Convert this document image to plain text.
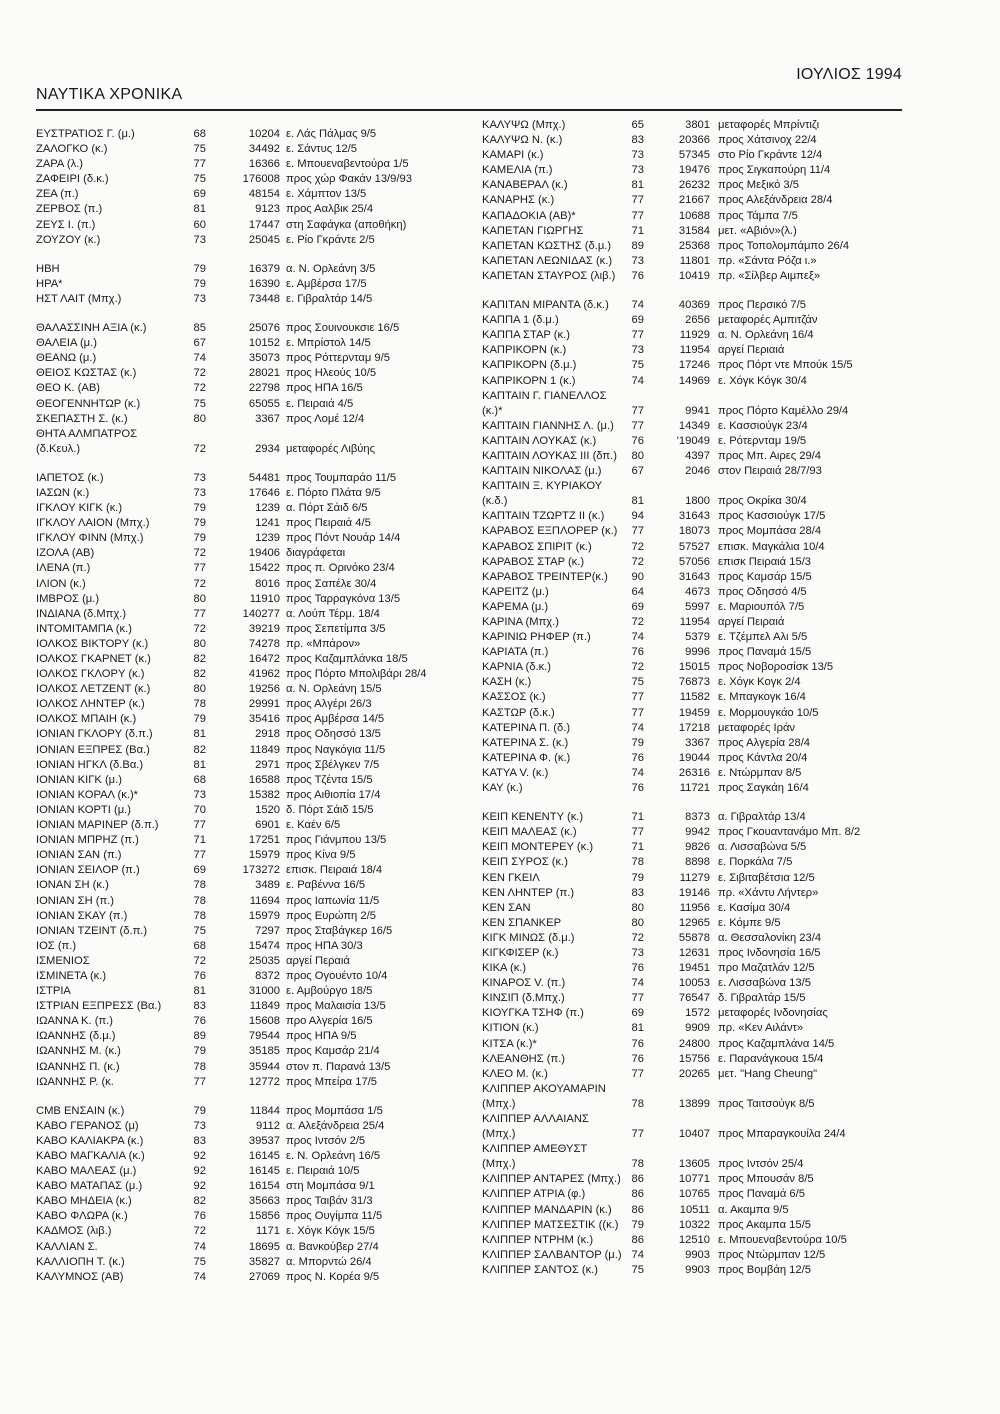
ΝΑΥΤΙΚΑ ΧΡΟΝΙΚΑ
ΙΟΥΛΙΟΣ 1994
ΕΥΣΤΡΑΤΙΟΣ Γ. (μ.)	68	10204 ε. Λάς Πάλμας 9/5
ΖΑΛΟΓΚΟ (κ.)	75	34492 ε. Σάντυς 12/5
ΖΑΡΑ (λ.)	77	16366 ε. Μπουεναβεντούρα 1/5
ΖΑΦΕΙΡΙ (δ.κ.)	75	176008 προς χώρ Φακάν 13/9/93
ΖΕΑ (π.)	69	48154 ε. Χάμπτον 13/5
ΖΕΡΒΟΣ (π.)	81	9123 προς Ααλβικ 25/4
ΖΕΥΣ Ι. (π.)	60	17447 στη Σαφάγκα (αποθήκη)
ΖΟΥΖΟΥ (κ.)	73	25045 ε. Ρίο Γκράντε 2/5
ΗΒΗ	79	16379 α. Ν. Ορλεάνη 3/5
ΗΡΑ*	79	16390 ε. Αμβέρσα 17/5
ΗΣΤ ΛΑΙΤ (Μπχ.)	73	73448 ε. Γιβραλτάρ 14/5
ΘΑΛΑΣΣΙΝΗ ΑΞΙΑ (κ.)	85	25076 προς Σουινουκσιε 16/5
ΘΑΛΕΙΑ (μ.)	67	10152 ε. Μπρίστολ 14/5
ΘΕΑΝΩ (μ.)	74	35073 προς Ρόττερνταμ 9/5
ΘΕΙΟΣ ΚΩΣΤΑΣ (κ.)	72	28021 προς Ηλεούς 10/5
ΘΕΟ Κ. (ΑΒ)	72	22798 προς ΗΠΑ 16/5
ΘΕΟΓΕΝΝΗΤΩΡ (κ.)	75	65055 ε. Πειραιά 4/5
ΣΚΕΠΑΣΤΗ Σ. (κ.)	80	3367 προς Λομέ 12/4
ΘΗΤΑ ΑΛΜΠΑΤΡΟΣ (δ.Κευλ.)	72	2934 μεταφορές Λιβύης
ΙΑΠΕΤΟΣ (κ.)	73	54481 προς Τουμπαράο 11/5
ΙΑΣΩΝ (κ.)	73	17646 ε. Πόρτο Πλάτα 9/5
ΙΓΚΛΟΥ ΚΙΓΚ (κ.)	79	1239 α. Πόρτ Σάιδ 6/5
ΙΓΚΛΟΥ ΛΑΙΟΝ (Μπχ.)	79	1241 προς Πειραιά 4/5
ΙΓΚΛΟΥ ΦΙΝΝ (Μπχ.)	79	1239 προς Πόντ Νουάρ 14/4
ΙΖΟΛΑ (ΑΒ)	72	19406 διαγράφεται
ΙΛΕΝΑ (π.)	77	15422 προς π. Ορινόκο 23/4
ΙΛΙΟΝ (κ.)	72	8016 προς Σαπέλε 30/4
ΙΜΒΡΟΣ (μ.)	80	11910 προς Ταρραγκόνα 13/5
ΙΝΔΙΑΝΑ (δ.Μπχ.)	77	140277 α. Λούπ Τέρμ. 18/4
ΙΝΤΟΜΙΤΑΜΠΑ (κ.)	72	39219 προς Σεπετίμπα 3/5
ΙΟΛΚΟΣ ΒΙΚΤΟΡΥ (κ.)	80	74278 πρ. «Μπάρον»
ΙΟΛΚΟΣ ΓΚΑΡΝΕΤ (κ.)	82	16472 προς Καζαμπλάνκα 18/5
ΙΟΛΚΟΣ ΓΚΛΟΡΥ (κ.)	82	41962 προς Πόρτο Μπολιβάρι 28/4
ΙΟΛΚΟΣ ΛΕΤΖΕΝΤ (κ.)	80	19256 α. Ν. Ορλεάνη 15/5
ΙΟΛΚΟΣ ΛΗΝΤΕΡ (κ.)	78	29991 προς Αλγέρι 26/3
ΙΟΛΚΟΣ ΜΠΑΙΗ (κ.)	79	35416 προς Αμβέρσα 14/5
ΙΟΝΙΑΝ ΓΚΛΟΡΥ (δ.π.)	81	2918 προς Οδησσό 13/5
ΙΟΝΙΑΝ ΕΞΠΡΕΣ (Βα.)	82	11849 προς Ναγκόγια 11/5
ΙΟΝΙΑΝ ΗΓΚΛ (δ.Βα.)	81	2971 προς Σβέλγκεν 7/5
ΙΟΝΙΑΝ ΚΙΓΚ (μ.)	68	16588 προς Τζέντα 15/5
ΙΟΝΙΑΝ ΚΟΡΑΛ (κ.)*	73	15382 προς Αιθιοπία 17/4
ΙΟΝΙΑΝ ΚΟΡΤΙ (μ.)	70	1520 δ. Πόρτ Σάιδ 15/5
ΙΟΝΙΑΝ ΜΑΡΙΝΕΡ (δ.π.)	77	6901 ε. Καέν 6/5
ΙΟΝΙΑΝ ΜΠΡΗΖ (π.)	71	17251 προς Γιάνμπου 13/5
ΙΟΝΙΑΝ ΣΑΝ (π.)	77	15979 προς Κίνα 9/5
ΙΟΝΙΑΝ ΣΕΙΛΟΡ (π.)	69	173272 επισκ. Πειραιά 18/4
ΙΟΝΑΝ ΣΗ (κ.)	78	3489 ε. Ραβέννα 16/5
ΙΟΝΙΑΝ ΣΗ (π.)	78	11694 προς Ιαπωνία 11/5
ΙΟΝΙΑΝ ΣΚΑΥ (π.)	78	15979 προς Ευρώπη 2/5
ΙΟΝΙΑΝ ΤΖΕΙΝΤ (δ.π.)	75	7297 προς Σταβάγκερ 16/5
ΙΟΣ (π.)	68	15474 προς ΗΠΑ 30/3
ΙΣΜΕΝΙΟΣ	72	25035 αργεί Περαιά
ΙΣΜΙΝΕΤΑ (κ.)	76	8372 προς Ογουέντο 10/4
ΙΣΤΡΙΑ	81	31000 ε. Αμβούργο 18/5
ΙΣΤΡΙΑΝ ΕΞΠΡΕΣΣ (Βα.)	83	11849 προς Μαλαισία 13/5
ΙΩΑΝΝΑ Κ. (π.)	76	15608 προ Αλγερία 16/5
ΙΩΑΝΝΗΣ (δ.μ.)	89	79544 προς ΗΠΑ 9/5
ΙΩΑΝΝΗΣ Μ. (κ.)	79	35185 προς Καμσάρ 21/4
ΙΩΑΝΝΗΣ Π. (κ.)	78	35944 στον π. Παρανά 13/5
ΙΩΑΝΝΗΣ Ρ. (κ.	77	12772 προς Μπείρα 17/5
CMB ΕΝΣΑΙΝ (κ.)	79	11844 προς Μομπάσα 1/5
ΚΑΒΟ ΓΕΡΑΝΟΣ (μ)	73	9112 α. Αλεξάνδρεια 25/4
ΚΑΒΟ ΚΑΛΙΑΚΡΑ (κ.)	83	39537 προς Ιντσόν 2/5
ΚΑΒΟ ΜΑΓΚΑΛΙΑ (κ.)	92	16145 ε. Ν. Ορλεάνη 16/5
ΚΑΒΟ ΜΑΛΕΑΣ (μ.)	92	16145 ε. Πειραιά 10/5
ΚΑΒΟ ΜΑΤΑΠΑΣ (μ.)	92	16154 στη Μομπάσα 9/1
ΚΑΒΟ ΜΗΔΕΙΑ (κ.)	82	35663 προς Ταιβάν 31/3
ΚΑΒΟ ΦΛΩΡΑ (κ.)	76	15856 προς Ουγίμπα 11/5
ΚΑΔΜΟΣ (λιβ.)	72	1171 ε. Χόγκ Κόγκ 15/5
ΚΑΛΛΙΑΝ Σ.	74	18695 α. Βανκούβερ 27/4
ΚΑΛΛΙΟΠΗ Τ. (κ.)	75	35827 α. Μπορντώ 26/4
ΚΑΛΥΜΝΟΣ (ΑΒ)	74	27069 προς Ν. Κορέα 9/5
ΚΑΛΥΨΩ (Μπχ.)	65	3801 μεταφορές Μπρίντιζι
ΚΑΛΥΨΩ Ν. (κ.)	83	20366 προς Χάτσινοχ 22/4
ΚΑΜΑΡΙ (κ.)	73	57345 στο Ρίο Γκράντε 12/4
ΚΑΜΕΛΙΑ (π.)	73	19476 προς Σιγκαπούρη 11/4
ΚΑΝΑΒΕΡΑΛ (κ.)	81	26232 προς Μεξικό 3/5
ΚΑΝΑΡΗΣ (κ.)	77	21667 προς Αλεξάνδρεια 28/4
ΚΑΠΑΔΟΚΙΑ (ΑΒ)*	77	10688 προς Τάμπα 7/5
ΚΑΠΕΤΑΝ ΓΙΩΡΓΗΣ	71	31584 μετ. «Αβιόν»(λ.)
ΚΑΠΕΤΑΝ ΚΩΣΤΗΣ (δ.μ.)	89	25368 προς Τοπολομπάμπο 26/4
ΚΑΠΕΤΑΝ ΛΕΩΝΙΔΑΣ (κ.)	73	11801 πρ. «Σάντα Ρόζα ι.»
ΚΑΠΕΤΑΝ ΣΤΑΥΡΟΣ (λιβ.)	76	10419 πρ. «Σίλβερ Αιμπεξ»
ΚΑΠΙΤΑΝ ΜΙΡΑΝΤΑ (δ.κ.)	74	40369 προς Περσικό 7/5
ΚΑΠΠΑ 1 (δ.μ.)	69	2656 μεταφορές Αμπιτζάν
ΚΑΠΠΑ ΣΤΑΡ (κ.)	77	11929 α. Ν. Ορλεάνη 16/4
ΚΑΠΡΙΚΟΡΝ (κ.)	73	11954 αργεί Περιαιά
ΚΑΠΡΙΚΟΡΝ (δ.μ.)	75	17246 προς Πόρτ ντε Μπούκ 15/5
ΚΑΠΡΙΚΟΡΝ 1 (κ.)	74	14969 ε. Χόγκ Κόγκ 30/4
ΚΑΠΤΑΙΝ Γ. ΓΙΑΝΕΛΛΟΣ (κ.)*	77	9941 προς Πόρτο Καμέλλο 29/4
ΚΑΠΤΑΙΝ ΓΙΑΝΝΗΣ Λ. (μ.)	77	14349 ε. Κασσιούγκ 23/4
ΚΑΠΤΑΙΝ ΛΟΥΚΑΣ (κ.)	76	'19049 ε. Ρότερνταμ 19/5
ΚΑΠΤΑΙΝ ΛΟΥΚΑΣ ΙΙΙ (δπ.)	80	4397 προς Μπ. Αιρες 29/4
ΚΑΠΤΑΙΝ ΝΙΚΟΛΑΣ (μ.)	67	2046 στον Πειραιά 28/7/93
ΚΑΠΤΑΙΝ Ξ. ΚΥΡΙΑΚΟΥ (κ.δ.)	81	1800 προς Οκρίκα 30/4
ΚΑΠΤΑΙΝ ΤΖΩΡΤΖ ΙΙ (κ.)	94	31643 προς Κασσιούγκ 17/5
ΚΑΡΑΒΟΣ ΕΞΠΛΟΡΕΡ (κ.)	77	18073 προς Μομπάσα 28/4
ΚΑΡΑΒΟΣ ΣΠΙΡΙΤ (κ.)	72	57527 επισκ. Μαγκάλια 10/4
ΚΑΡΑΒΟΣ ΣΤΑΡ (κ.)	72	57056 επισκ Πειραιά 15/3
ΚΑΡΑΒΟΣ ΤΡΕΙΝΤΕΡ(κ.)	90	31643 προς Καμσάρ 15/5
ΚΑΡΕΙΤΖ (μ.)	64	4673 προς Οδησσό 4/5
ΚΑΡΕΜΑ (μ.)	69	5997 ε. Μαριουπόλ 7/5
ΚΑΡΙΝΑ (Μπχ.)	72	11954 αργεί Πειραιά
ΚΑΡΙΝΙΩ ΡΗΦΕΡ (π.)	74	5379 ε. Τζέμπελ Αλι 5/5
ΚΑΡΙΑΤΑ (π.)	76	9996 προς Παναμά 15/5
ΚΑΡΝΙΑ (δ.κ.)	72	15015 προς Νοβοροσίσκ 13/5
ΚΑΣΗ (κ.)	75	76873 ε. Χόγκ Κογκ 2/4
ΚΑΣΣΟΣ (κ.)	77	11582 ε. Μπαγκογκ 16/4
ΚΑΣΤΩΡ (δ.κ.)	77	19459 ε. Μορμουγκάο 10/5
ΚΑΤΕΡΙΝΑ Π. (δ.)	74	17218 μεταφορές Ιράν
ΚΑΤΕΡΙΝΑ Σ. (κ.)	79	3367 προς Αλγερία 28/4
ΚΑΤΕΡΙΝΑ Φ. (κ.)	76	19044 προς Κάντλα 20/4
ΚΑΤΥΑ V. (κ.)	74	26316 ε. Ντώρμπαν 8/5
ΚΑΥ (κ.)	76	11721 προς Σαγκάη 16/4
ΚΕΙΠ ΚΕΝΕΝΤΥ (κ.)	71	8373 α. Γιβραλτάρ 13/4
ΚΕΙΠ ΜΑΛΕΑΣ (κ.)	77	9942 προς Γκουαντανάμο Μπ. 8/2
ΚΕΙΠ ΜΟΝΤΕΡΕΥ (κ.)	71	9826 α. Λισσαβώνα 5/5
ΚΕΙΠ ΣΥΡΟΣ (κ.)	78	8898 ε. Πορκάλα 7/5
ΚΕΝ ΓΚΕΙΛ	79	11279 ε. Σιβιταβέτσια 12/5
ΚΕΝ ΛΗΝΤΕΡ (π.)	83	19146 πρ. «Χάντυ Λήντερ»
ΚΕΝ ΣΑΝ	80	11956 ε. Κασίμα 30/4
ΚΕΝ ΣΠΑΝΚΕΡ	80	12965 ε. Κόμπε 9/5
ΚΙΓΚ ΜΙΝΩΣ (δ.μ.)	72	55878 α. Θεσσαλονίκη 23/4
ΚΙΓΚΦΙΣΕΡ (κ.)	73	12631 προς Ινδονησία 16/5
ΚΙΚΑ (κ.)	76	19451 προ Μαζατλάν 12/5
ΚΙΝΑΡΟΣ V. (π.)	74	10053 ε. Λισσαβώνα 13/5
ΚΙΝΣΙΠ (δ.Μπχ.)	77	76547 δ. Γιβραλτάρ 15/5
ΚΙΟΥΓΚΑ ΤΣΗΦ (π.)	69	1572 μεταφορές Ινδονησίας
ΚΙΤΙΟΝ (κ.)	81	9909 πρ. «Κεν Αιλάντ»
ΚΙΤΣΑ (κ.)*	76	24800 προς Καζαμπλάνα 14/5
ΚΛΕΑΝΘΗΣ (π.)	76	15756 ε. Παρανάγκουα 15/4
ΚΛΕΟ Μ. (κ.)	77	20265 μετ. "Hang Cheung"
ΚΛΙΠΠΕΡ ΑΚΟΥΑΜΑΡΙΝ (Μπχ.)	78	13899 προς Ταιτσούγκ 8/5
ΚΛΙΠΠΕΡ ΑΛΛΑΙΑΝΣ (Μπχ.)	77	10407 προς Μπαραγκουίλα 24/4
ΚΛΙΠΠΕΡ ΑΜΕΘΥΣΤ (Μπχ.)	78	13605 προς Ιντσόν 25/4
ΚΛΙΠΠΕΡ ΑΝΤΑΡΕΣ (Μπχ.) 86	10771 προς Μπουσάν 8/5
ΚΛΙΠΠΕΡ ΑΤΡΙΑ (φ.)	86	10765 προς Παναμά 6/5
ΚΛΙΠΠΕΡ ΜΑΝΔΑΡΙΝ (κ.)	86	10511 α. Ακαμπα 9/5
ΚΛΙΠΠΕΡ ΜΑΤΣΕΣΤΙΚ ((κ.)	79	10322 προς Ακαμπα 15/5
ΚΛΙΠΠΕΡ ΝΤΡΗΜ (κ.)	86	12510 ε. Μπουεναβεντούρα 10/5
ΚΛΙΠΠΕΡ ΣΑΛΒΑΝΤΟΡ (μ.) 74	9903 προς Ντώρμπαν 12/5
ΚΛΙΠΠΕΡ ΣΑΝΤΟΣ (κ.)	75	9903 προς Βομβάη 12/5
